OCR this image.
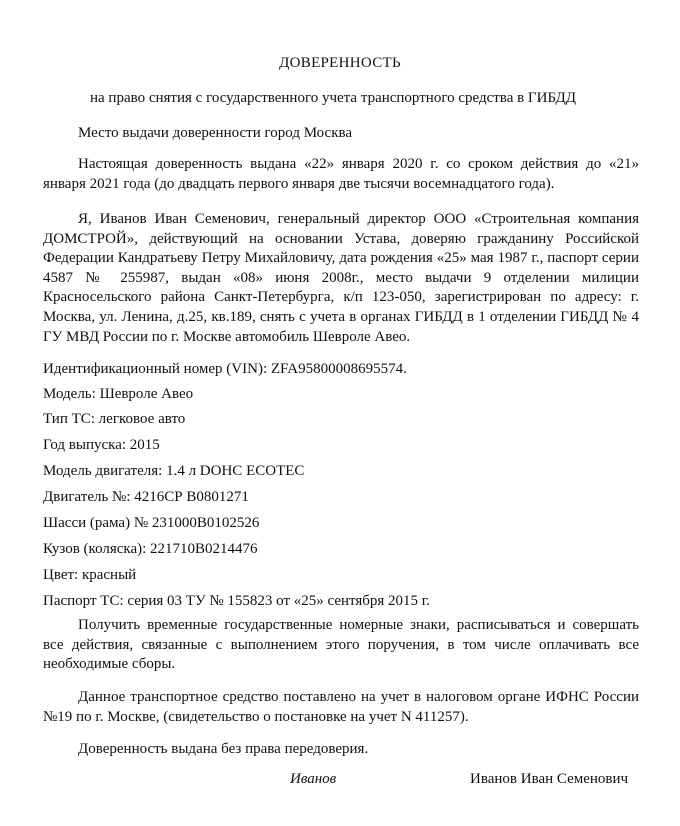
ДОВЕРЕННОСТЬ
на право снятия с государственного учета транспортного средства в ГИБДД
Место выдачи доверенности город Москва
Настоящая доверенность выдана «22» января 2020 г. со сроком действия до «21» января 2021 года (до двадцать первого января две тысячи восемнадцатого года).
Я, Иванов Иван Семенович, генеральный директор ООО «Строительная компания ДОМСТРОЙ», действующий на основании Устава, доверяю гражданину Российской Федерации Кандратьеву Петру Михайловичу, дата рождения «25» мая 1987 г., паспорт серии 4587 № 255987, выдан «08» июня 2008г., место выдачи 9 отделении милиции Красносельского района Санкт-Петербурга, к/п 123-050, зарегистрирован по адресу: г. Москва, ул. Ленина, д.25, кв.189, снять с учета в органах ГИБДД в 1 отделении ГИБДД № 4 ГУ МВД России по г. Москве автомобиль Шевроле Авео.
Идентификационный номер (VIN): ZFA95800008695574.
Модель: Шевроле Авео
Тип ТС: легковое авто
Год выпуска: 2015
Модель двигателя: 1.4 л DOHC ECOTEC
Двигатель №: 4216СР В0801271
Шасси (рама) № 231000В0102526
Кузов (коляска): 221710В0214476
Цвет: красный
Паспорт ТС: серия 03 ТУ № 155823 от «25» сентября 2015 г.
Получить временные государственные номерные знаки, расписываться и совершать все действия, связанные с выполнением этого поручения, в том числе оплачивать все необходимые сборы.
Данное транспортное средство поставлено на учет в налоговом органе ИФНС России №19 по г. Москве, (свидетельство о постановке на учет N 411257).
Доверенность выдана без права передоверия.
Иванов	Иванов Иван Семенович
